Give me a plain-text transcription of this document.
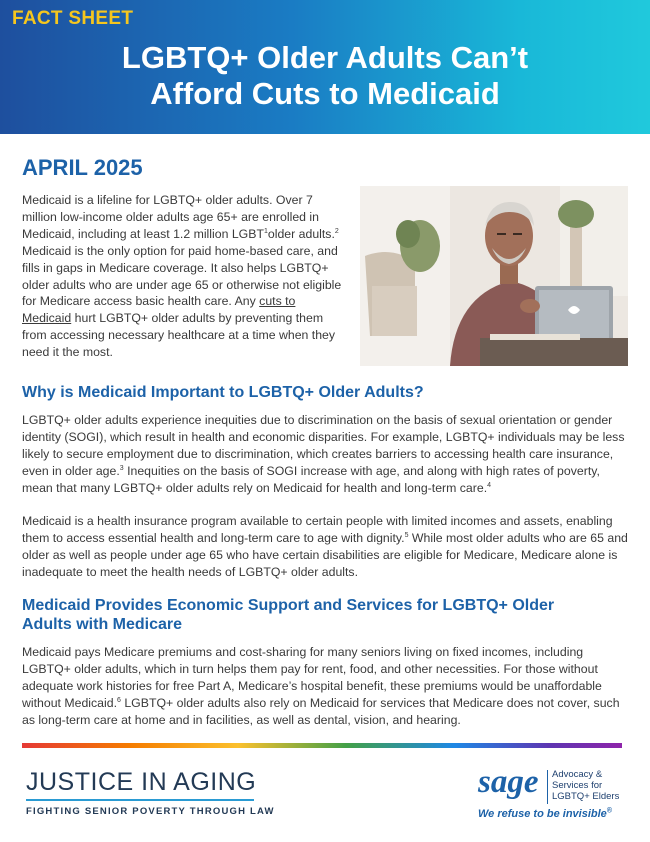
FACT SHEET
LGBTQ+ Older Adults Can’t
Afford Cuts to Medicaid
APRIL 2025
Medicaid is a lifeline for LGBTQ+ older adults. Over 7 million low-income older adults age 65+ are enrolled in Medicaid, including at least 1.2 million LGBT$^1$older adults.$^2$ Medicaid is the only option for paid home-based care, and fills in gaps in Medicare coverage. It also helps LGBTQ+ older adults who are under age 65 or otherwise not eligible for Medicare access basic health care. Any cuts to Medicaid hurt LGBTQ+ older adults by preventing them from accessing necessary healthcare at a time when they need it the most.
Why is Medicaid Important to LGBTQ+ Older Adults?
LGBTQ+ older adults experience inequities due to discrimination on the basis of sexual orientation or gender identity (SOGI), which result in health and economic disparities. For example, LGBTQ+ individuals may be less likely to secure employment due to discrimination, which creates barriers to accessing health care insurance, even in older age.$^3$ Inequities on the basis of SOGI increase with age, and along with high rates of poverty, mean that many LGBTQ+ older adults rely on Medicaid for health and long-term care.$^4$
Medicaid is a health insurance program available to certain people with limited incomes and assets, enabling them to access essential health and long-term care to age with dignity.$^5$ While most older adults who are 65 and older as well as people under age 65 who have certain disabilities are eligible for Medicare, Medicare alone is inadequate to meet the health needs of LGBTQ+ older adults.
Medicaid Provides Economic Support and Services for LGBTQ+ Older
Adults with Medicare
Medicaid pays Medicare premiums and cost-sharing for many seniors living on fixed incomes, including LGBTQ+ older adults, which in turn helps them pay for rent, food, and other necessities. For those without adequate work histories for free Part A, Medicare’s hospital benefit, these premiums would be unaffordable without Medicaid.$^6$ LGBTQ+ older adults also rely on Medicaid for services that Medicare does not cover, such as long-term care at home and in facilities, as well as dental, vision, and hearing.
JUSTICE IN AGING
FIGHTING SENIOR POVERTY THROUGH LAW
sage Advocacy &
Services for
LGBTQ+ Elders
We refuse to be invisible®
